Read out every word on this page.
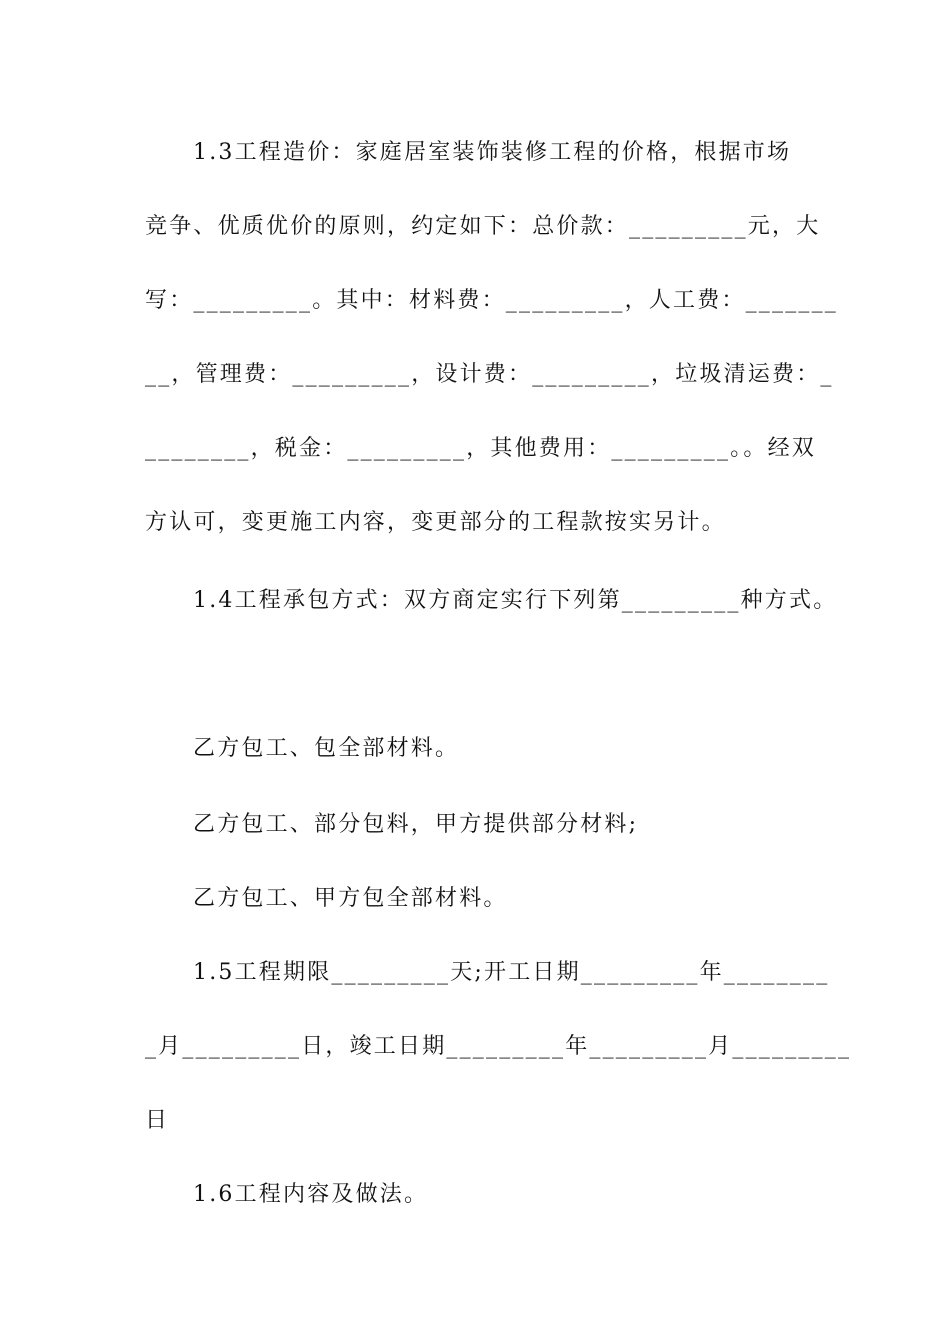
1.3工程造价：家庭居室装饰装修工程的价格，根据市场
竞争、优质优价的原则，约定如下：总价款：_________元，大
写：_________。其中：材料费：_________，人工费：_______
__，管理费：_________，设计费：_________，垃圾清运费：_
________，税金：_________，其他费用：_________。。经双
方认可，变更施工内容，变更部分的工程款按实另计。
1.4工程承包方式：双方商定实行下列第_________种方式。
乙方包工、包全部材料。
乙方包工、部分包料，甲方提供部分材料;
乙方包工、甲方包全部材料。
1.5工程期限_________天;开工日期_________年________
_月_________日，竣工日期_________年_________月_________
日
1.6工程内容及做法。
